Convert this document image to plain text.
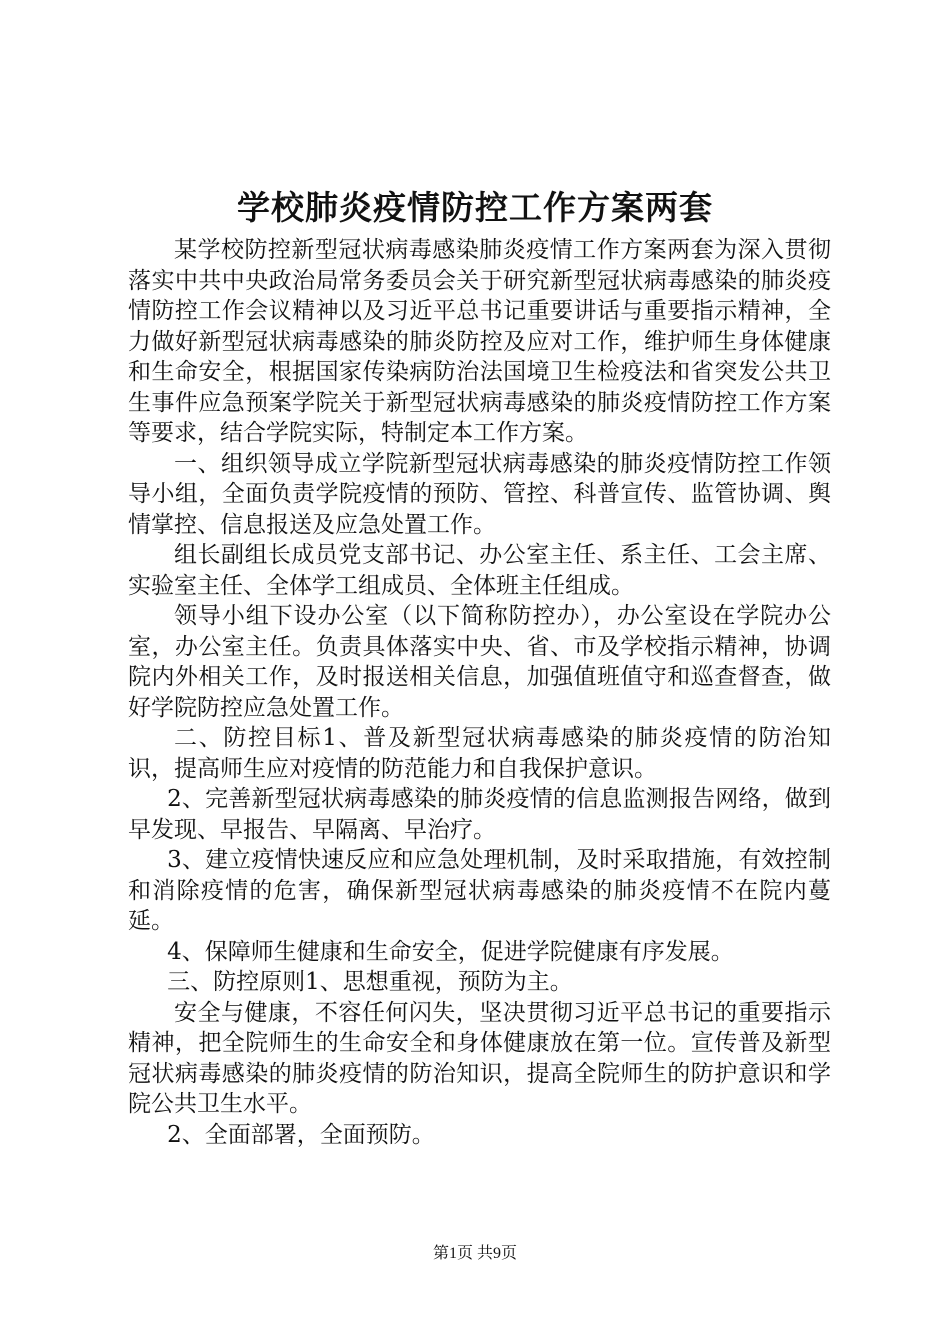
学校肺炎疫情防控工作方案两套

某学校防控新型冠状病毒感染肺炎疫情工作方案两套为深入贯彻落实中共中央政治局常务委员会关于研究新型冠状病毒感染的肺炎疫情防控工作会议精神以及习近平总书记重要讲话与重要指示精神，全力做好新型冠状病毒感染的肺炎防控及应对工作，维护师生身体健康和生命安全，根据国家传染病防治法国境卫生检疫法和省突发公共卫生事件应急预案学院关于新型冠状病毒感染的肺炎疫情防控工作方案等要求，结合学院实际，特制定本工作方案。

一、组织领导成立学院新型冠状病毒感染的肺炎疫情防控工作领导小组，全面负责学院疫情的预防、管控、科普宣传、监管协调、舆情掌控、信息报送及应急处置工作。

组长副组长成员党支部书记、办公室主任、系主任、工会主席、实验室主任、全体学工组成员、全体班主任组成。

领导小组下设办公室（以下简称防控办），办公室设在学院办公室，办公室主任。负责具体落实中央、省、市及学校指示精神，协调院内外相关工作，及时报送相关信息，加强值班值守和巡查督查，做好学院防控应急处置工作。

二、防控目标1、普及新型冠状病毒感染的肺炎疫情的防治知识，提高师生应对疫情的防范能力和自我保护意识。

2、完善新型冠状病毒感染的肺炎疫情的信息监测报告网络，做到早发现、早报告、早隔离、早治疗。

3、建立疫情快速反应和应急处理机制，及时采取措施，有效控制和消除疫情的危害，确保新型冠状病毒感染的肺炎疫情不在院内蔓延。

4、保障师生健康和生命安全，促进学院健康有序发展。

三、防控原则1、思想重视，预防为主。

安全与健康，不容任何闪失，坚决贯彻习近平总书记的重要指示精神，把全院师生的生命安全和身体健康放在第一位。宣传普及新型冠状病毒感染的肺炎疫情的防治知识，提高全院师生的防护意识和学院公共卫生水平。

2、全面部署，全面预防。

第1页 共9页
